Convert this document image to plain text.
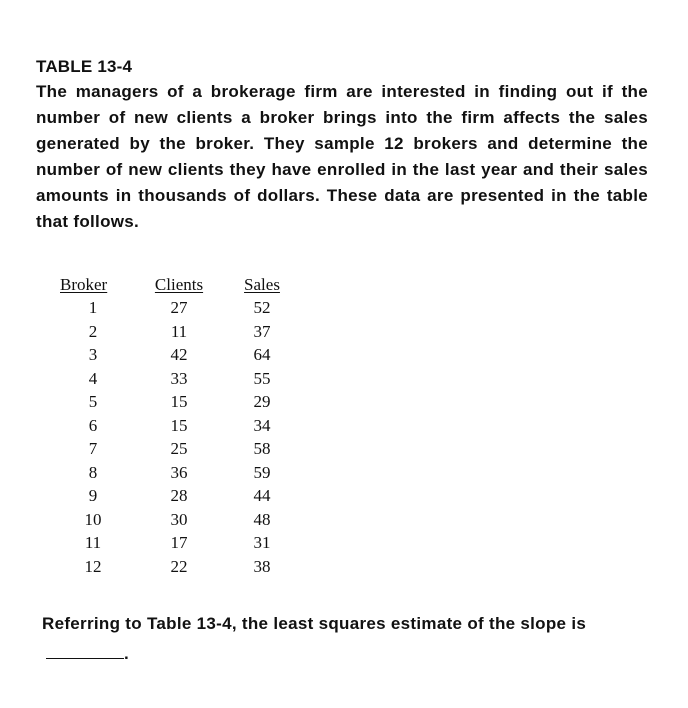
TABLE 13-4

The managers of a brokerage firm are interested in finding out if the number of new clients a broker brings into the firm affects the sales generated by the broker. They sample 12 brokers and determine the number of new clients they have enrolled in the last year and their sales amounts in thousands of dollars. These data are presented in the table that follows.

Broker	Clients	Sales
1	27	52
2	11	37
3	42	64
4	33	55
5	15	29
6	15	34
7	25	58
8	36	59
9	28	44
10	30	48
11	17	31
12	22	38

Referring to Table 13-4, the least squares estimate of the slope is.
